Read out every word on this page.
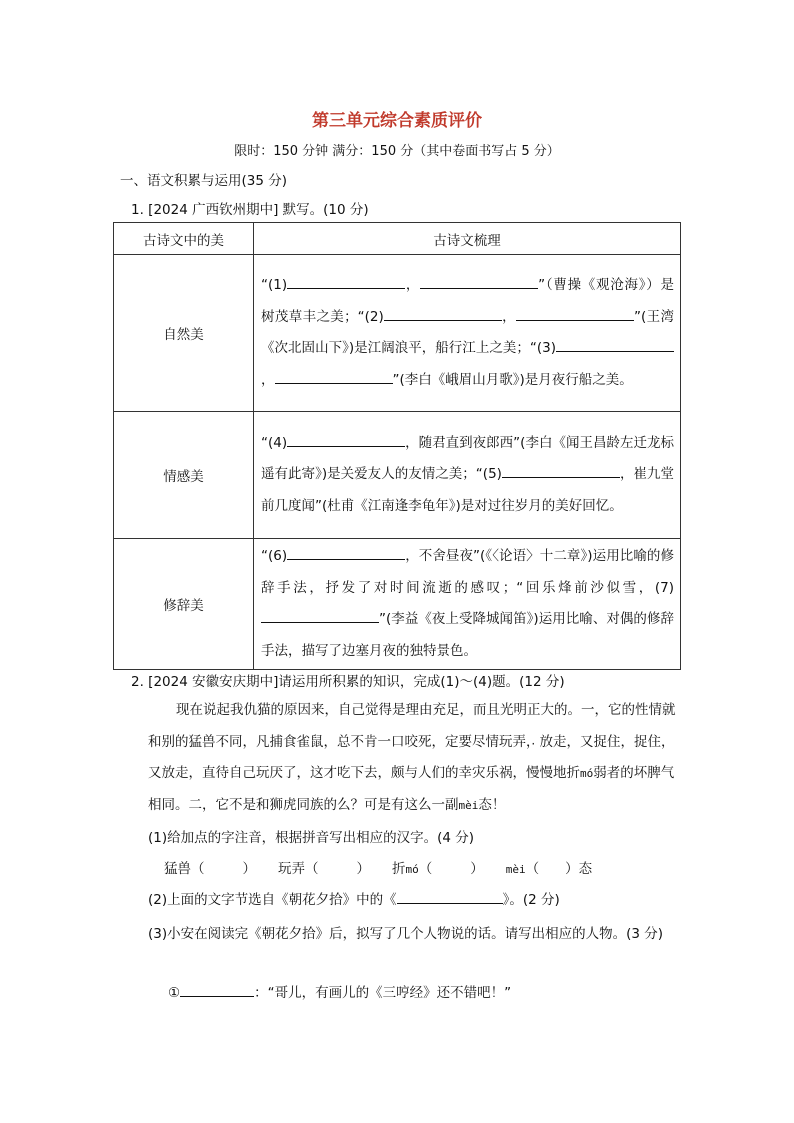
第三单元综合素质评价
限时：150 分钟 满分：150 分（其中卷面书写占 5 分）
一、语文积累与运用(35 分)
1. [2024 广西钦州期中] 默写。(10 分)
古诗文中的美	古诗文梳理
自然美	“(1) ， ”（曹操《观沧海》）是树茂草丰之美；“(2) ， ”(王湾《次北固山下》)是江阔浪平，船行江上之美；“(3)， ”(李白《峨眉山月歌》)是月夜行船之美。
情感美	“(4) ，随君直到夜郎西”(李白《闻王昌龄左迁龙标遥有此寄》)是关爱友人的友情之美；“(5) ，崔九堂前几度闻”(杜甫《江南逢李龟年》)是对过往岁月的美好回忆。
修辞美	“(6) ，不舍昼夜”(《〈论语〉十二章》)运用比喻的修辞手法，抒发了对时间流逝的感叹；“回乐烽前沙似雪，(7)”(李益《夜上受降城闻笛》)运用比喻、对偶的修辞手法，描写了边塞月夜的独特景色。
2. [2024 安徽安庆期中]请运用所积累的知识，完成(1)～(4)题。(12 分)
现在说起我仇猫的原因来，自己觉得是理由充足，而且光明正大的。一，它的性情就和别的猛兽 ·不同，凡捕食雀鼠，总不肯一口咬死，定要尽情玩弄 ·，放走，又捉住，捉住，又放走，直待自己玩厌了，这才吃下去，颇与人们的幸灾乐祸，慢慢地折mó弱者的坏脾气相同。二，它不是和狮虎同族的么？可是有这么一副mèi态！
(1)给加点的字注音，根据拼音写出相应的汉字。(4 分)
猛兽（	） 玩弄（	） 折mó（	） mèi（ ）态
(2)上面的文字节选自《朝花夕拾》中的《	》。(2 分)
(3)小安在阅读完《朝花夕拾》后，拟写了几个人物说的话。请写出相应的人物。(3 分)
①	：“哥儿，有画儿的《三哼经》还不错吧！”
